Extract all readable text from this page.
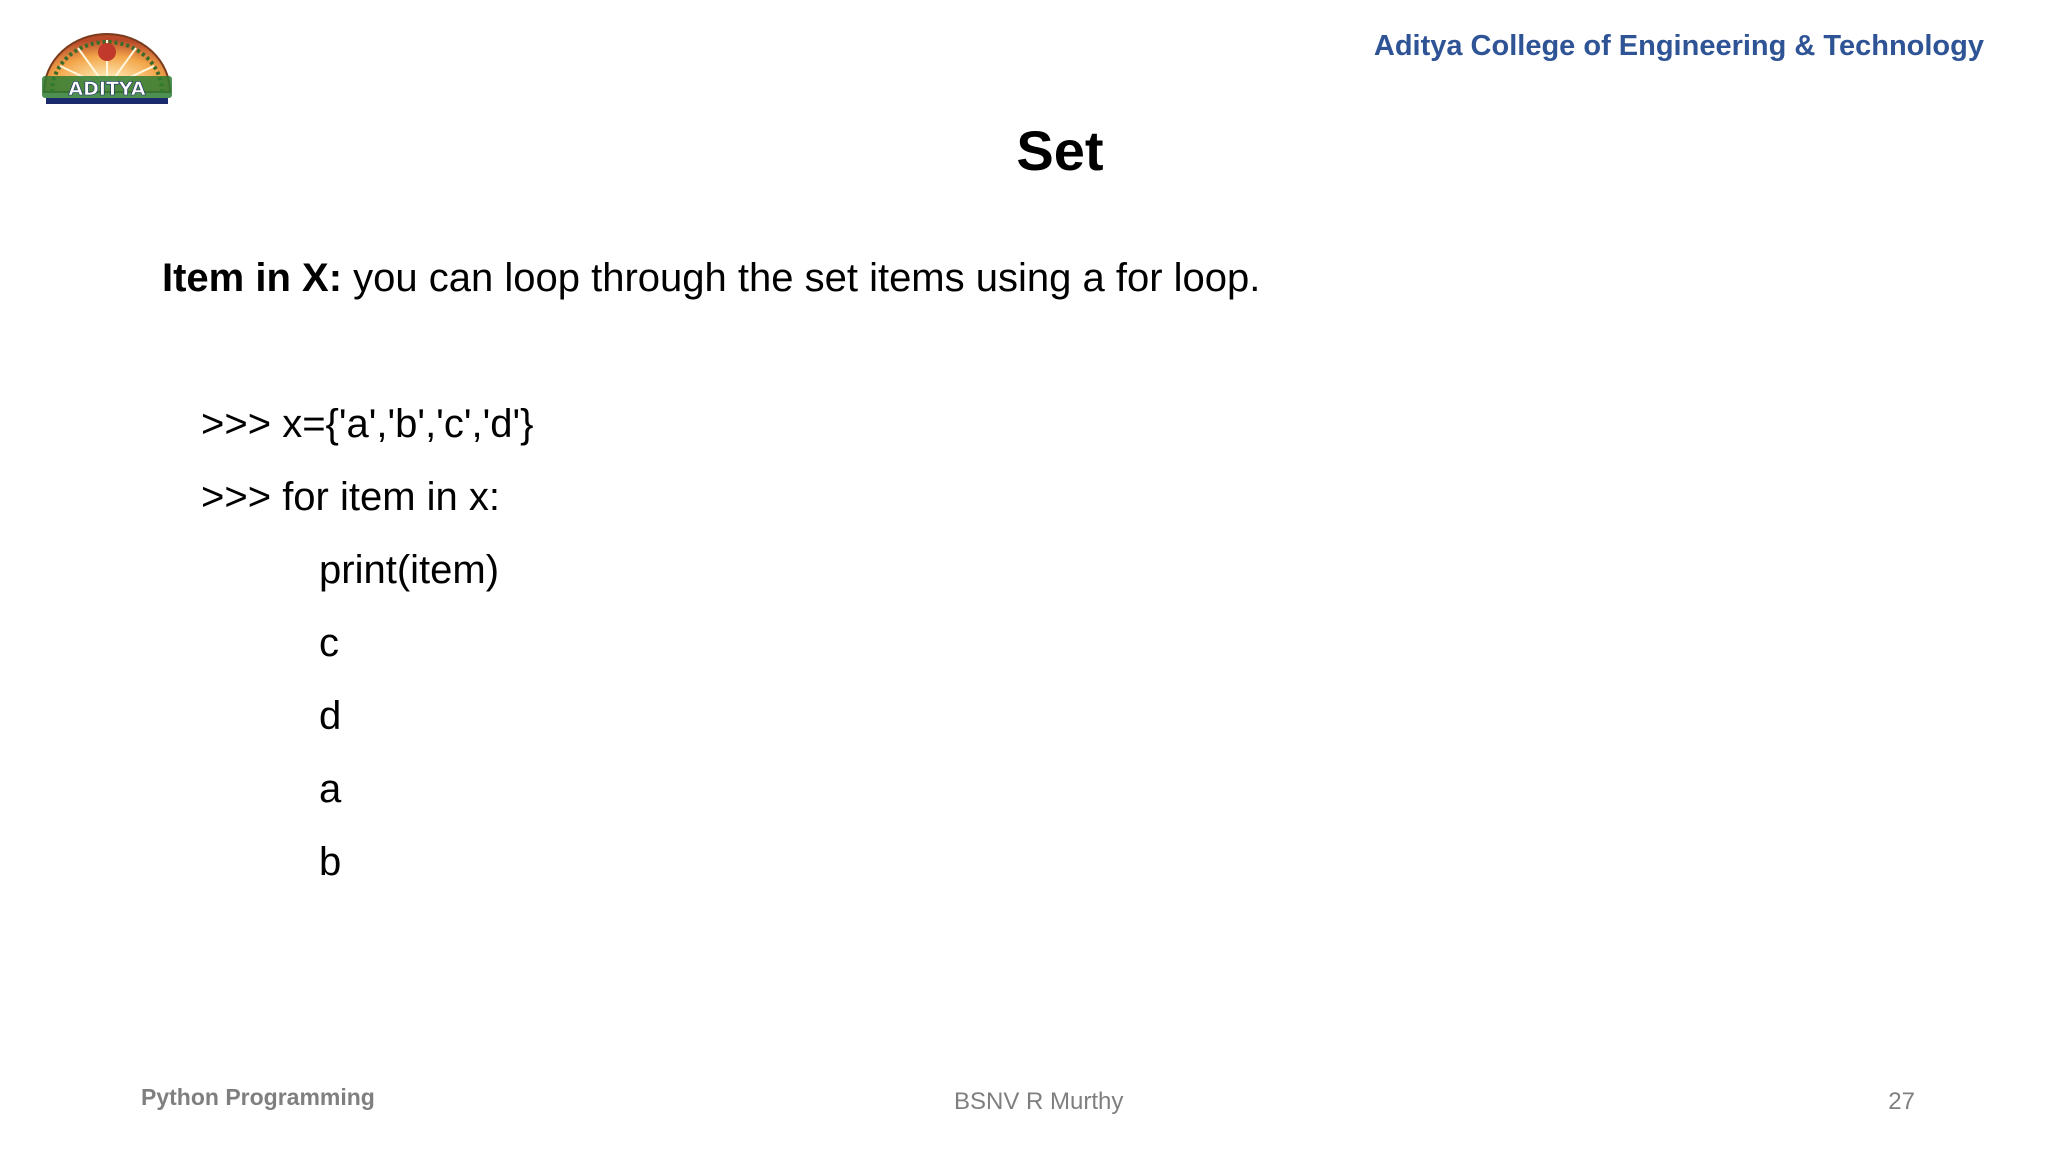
ADITYA
Aditya College of Engineering & Technology
Set
Item in X: you can loop through the set items using a for loop.
>>> x={'a','b','c','d'}
>>> for item in x:
print(item)
c
d
a
b
Python Programming	BSNV R Murthy	27
